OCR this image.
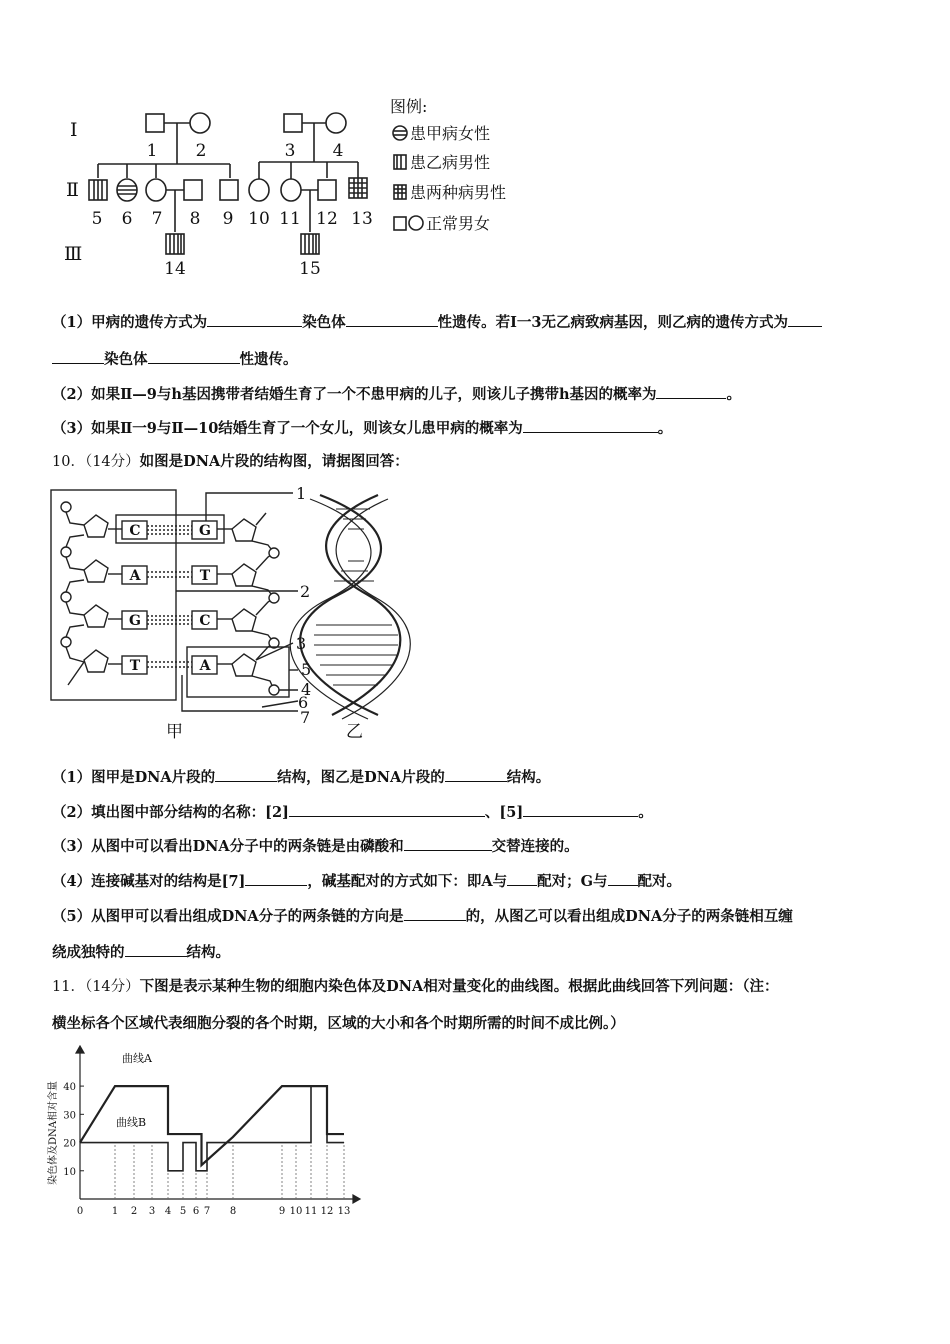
Ⅰ
Ⅱ
Ⅲ
1 2	3 4
5 6 7 8 9 10 11 12 13
14	15
图例:
患甲病女性
患乙病男性
患两种病男性
正常男女
（1）甲病的遗传方式为	染色体	性遗传。若Ⅰ一3无乙病致病基因，则乙病的遗传方式为
染色体	性遗传。
（2）如果Ⅱ—9与h基因携带者结婚生育了一个不患甲病的儿子，则该儿子携带h基因的概率为	。
（3）如果Ⅱ一9与Ⅱ—10结婚生育了一个女儿，则该女儿患甲病的概率为	。
10．（14分）如图是DNA片段的结构图，请据图回答：
C
A
G
T
G
T
C
A
1
2
3
5
4
6
7
甲	乙
（1）图甲是DNA片段的	结构，图乙是DNA片段的	结构。
（2）填出图中部分结构的名称：[2]	、[5]	。
（3）从图中可以看出DNA分子中的两条链是由磷酸和	交替连接的。
（4）连接碱基对的结构是[7]	，碱基配对的方式如下：即A与 配对；G与 配对。
（5）从图甲可以看出组成DNA分子的两条链的方向是	的，从图乙可以看出组成DNA分子的两条链相互缠
绕成独特的	结构。
11．（14分）下图是表示某种生物的细胞内染色体及DNA相对量变化的曲线图。根据此曲线回答下列问题：（注：
横坐标各个区域代表细胞分裂的各个时期，区域的大小和各个时期所需的时间不成比例。）
染色体及DNA相对含量 10
20
30
40
0	1 2 3 4 5 6 7 8	9 10 11 12 13
曲线A
曲线B
